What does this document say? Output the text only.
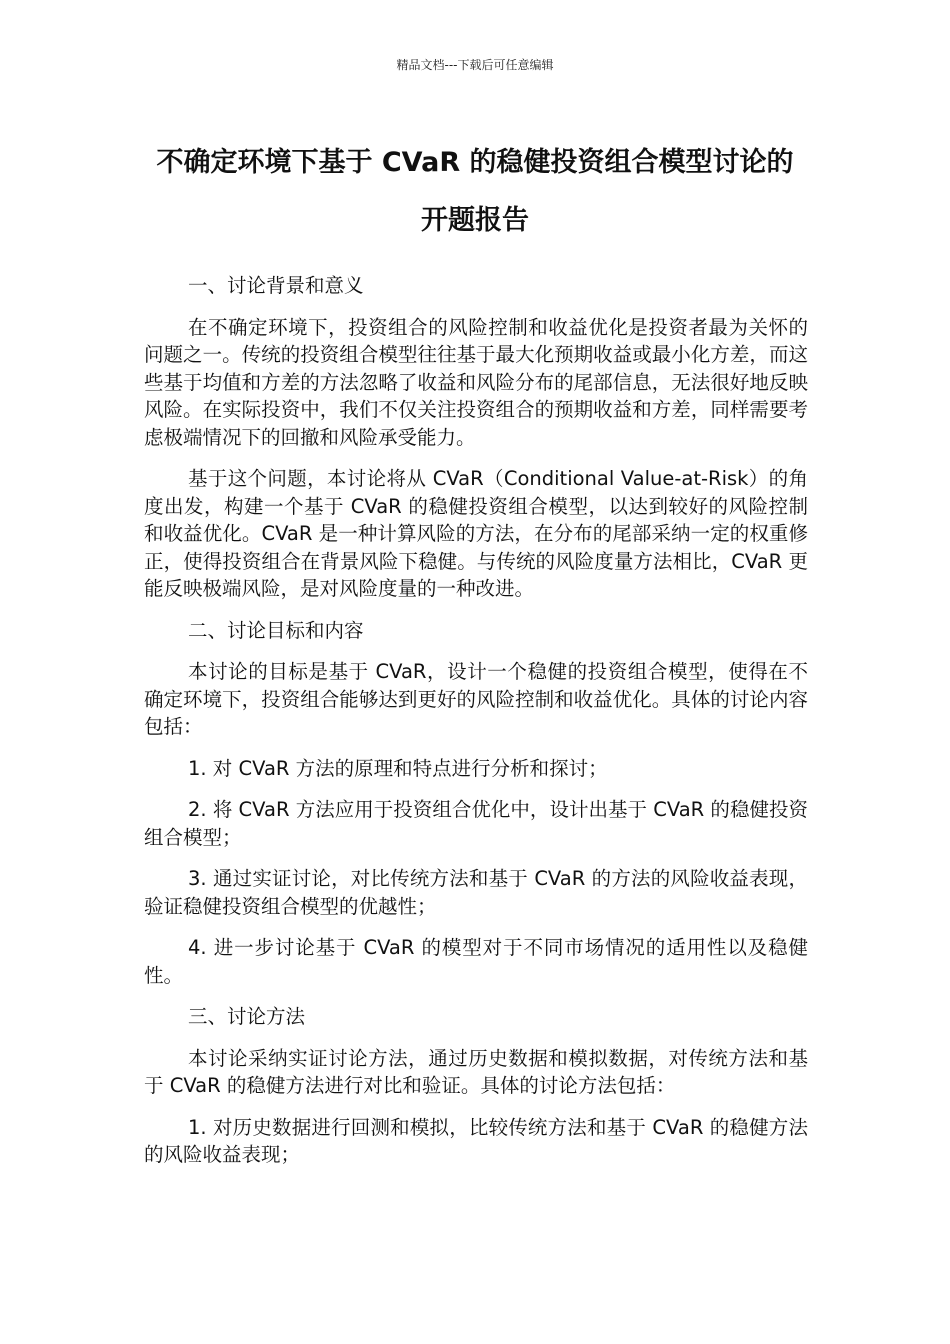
精品文档---下载后可任意编辑
不确定环境下基于 CVaR 的稳健投资组合模型讨论的
开题报告

一、讨论背景和意义

在不确定环境下，投资组合的风险控制和收益优化是投资者最为关怀的问题之一。传统的投资组合模型往往基于最大化预期收益或最小化方差，而这些基于均值和方差的方法忽略了收益和风险分布的尾部信息，无法很好地反映风险。在实际投资中，我们不仅关注投资组合的预期收益和方差，同样需要考虑极端情况下的回撤和风险承受能力。

基于这个问题，本讨论将从 CVaR（Conditional Value-at-Risk）的角度出发，构建一个基于 CVaR 的稳健投资组合模型，以达到较好的风险控制和收益优化。CVaR 是一种计算风险的方法，在分布的尾部采纳一定的权重修正，使得投资组合在背景风险下稳健。与传统的风险度量方法相比，CVaR 更能反映极端风险，是对风险度量的一种改进。

二、讨论目标和内容

本讨论的目标是基于 CVaR，设计一个稳健的投资组合模型，使得在不确定环境下，投资组合能够达到更好的风险控制和收益优化。具体的讨论内容包括：

1. 对 CVaR 方法的原理和特点进行分析和探讨；

2. 将 CVaR 方法应用于投资组合优化中，设计出基于 CVaR 的稳健投资组合模型；

3. 通过实证讨论，对比传统方法和基于 CVaR 的方法的风险收益表现，验证稳健投资组合模型的优越性；

4. 进一步讨论基于 CVaR 的模型对于不同市场情况的适用性以及稳健性。

三、讨论方法

本讨论采纳实证讨论方法，通过历史数据和模拟数据，对传统方法和基于 CVaR 的稳健方法进行对比和验证。具体的讨论方法包括：

1. 对历史数据进行回测和模拟，比较传统方法和基于 CVaR 的稳健方法的风险收益表现；
